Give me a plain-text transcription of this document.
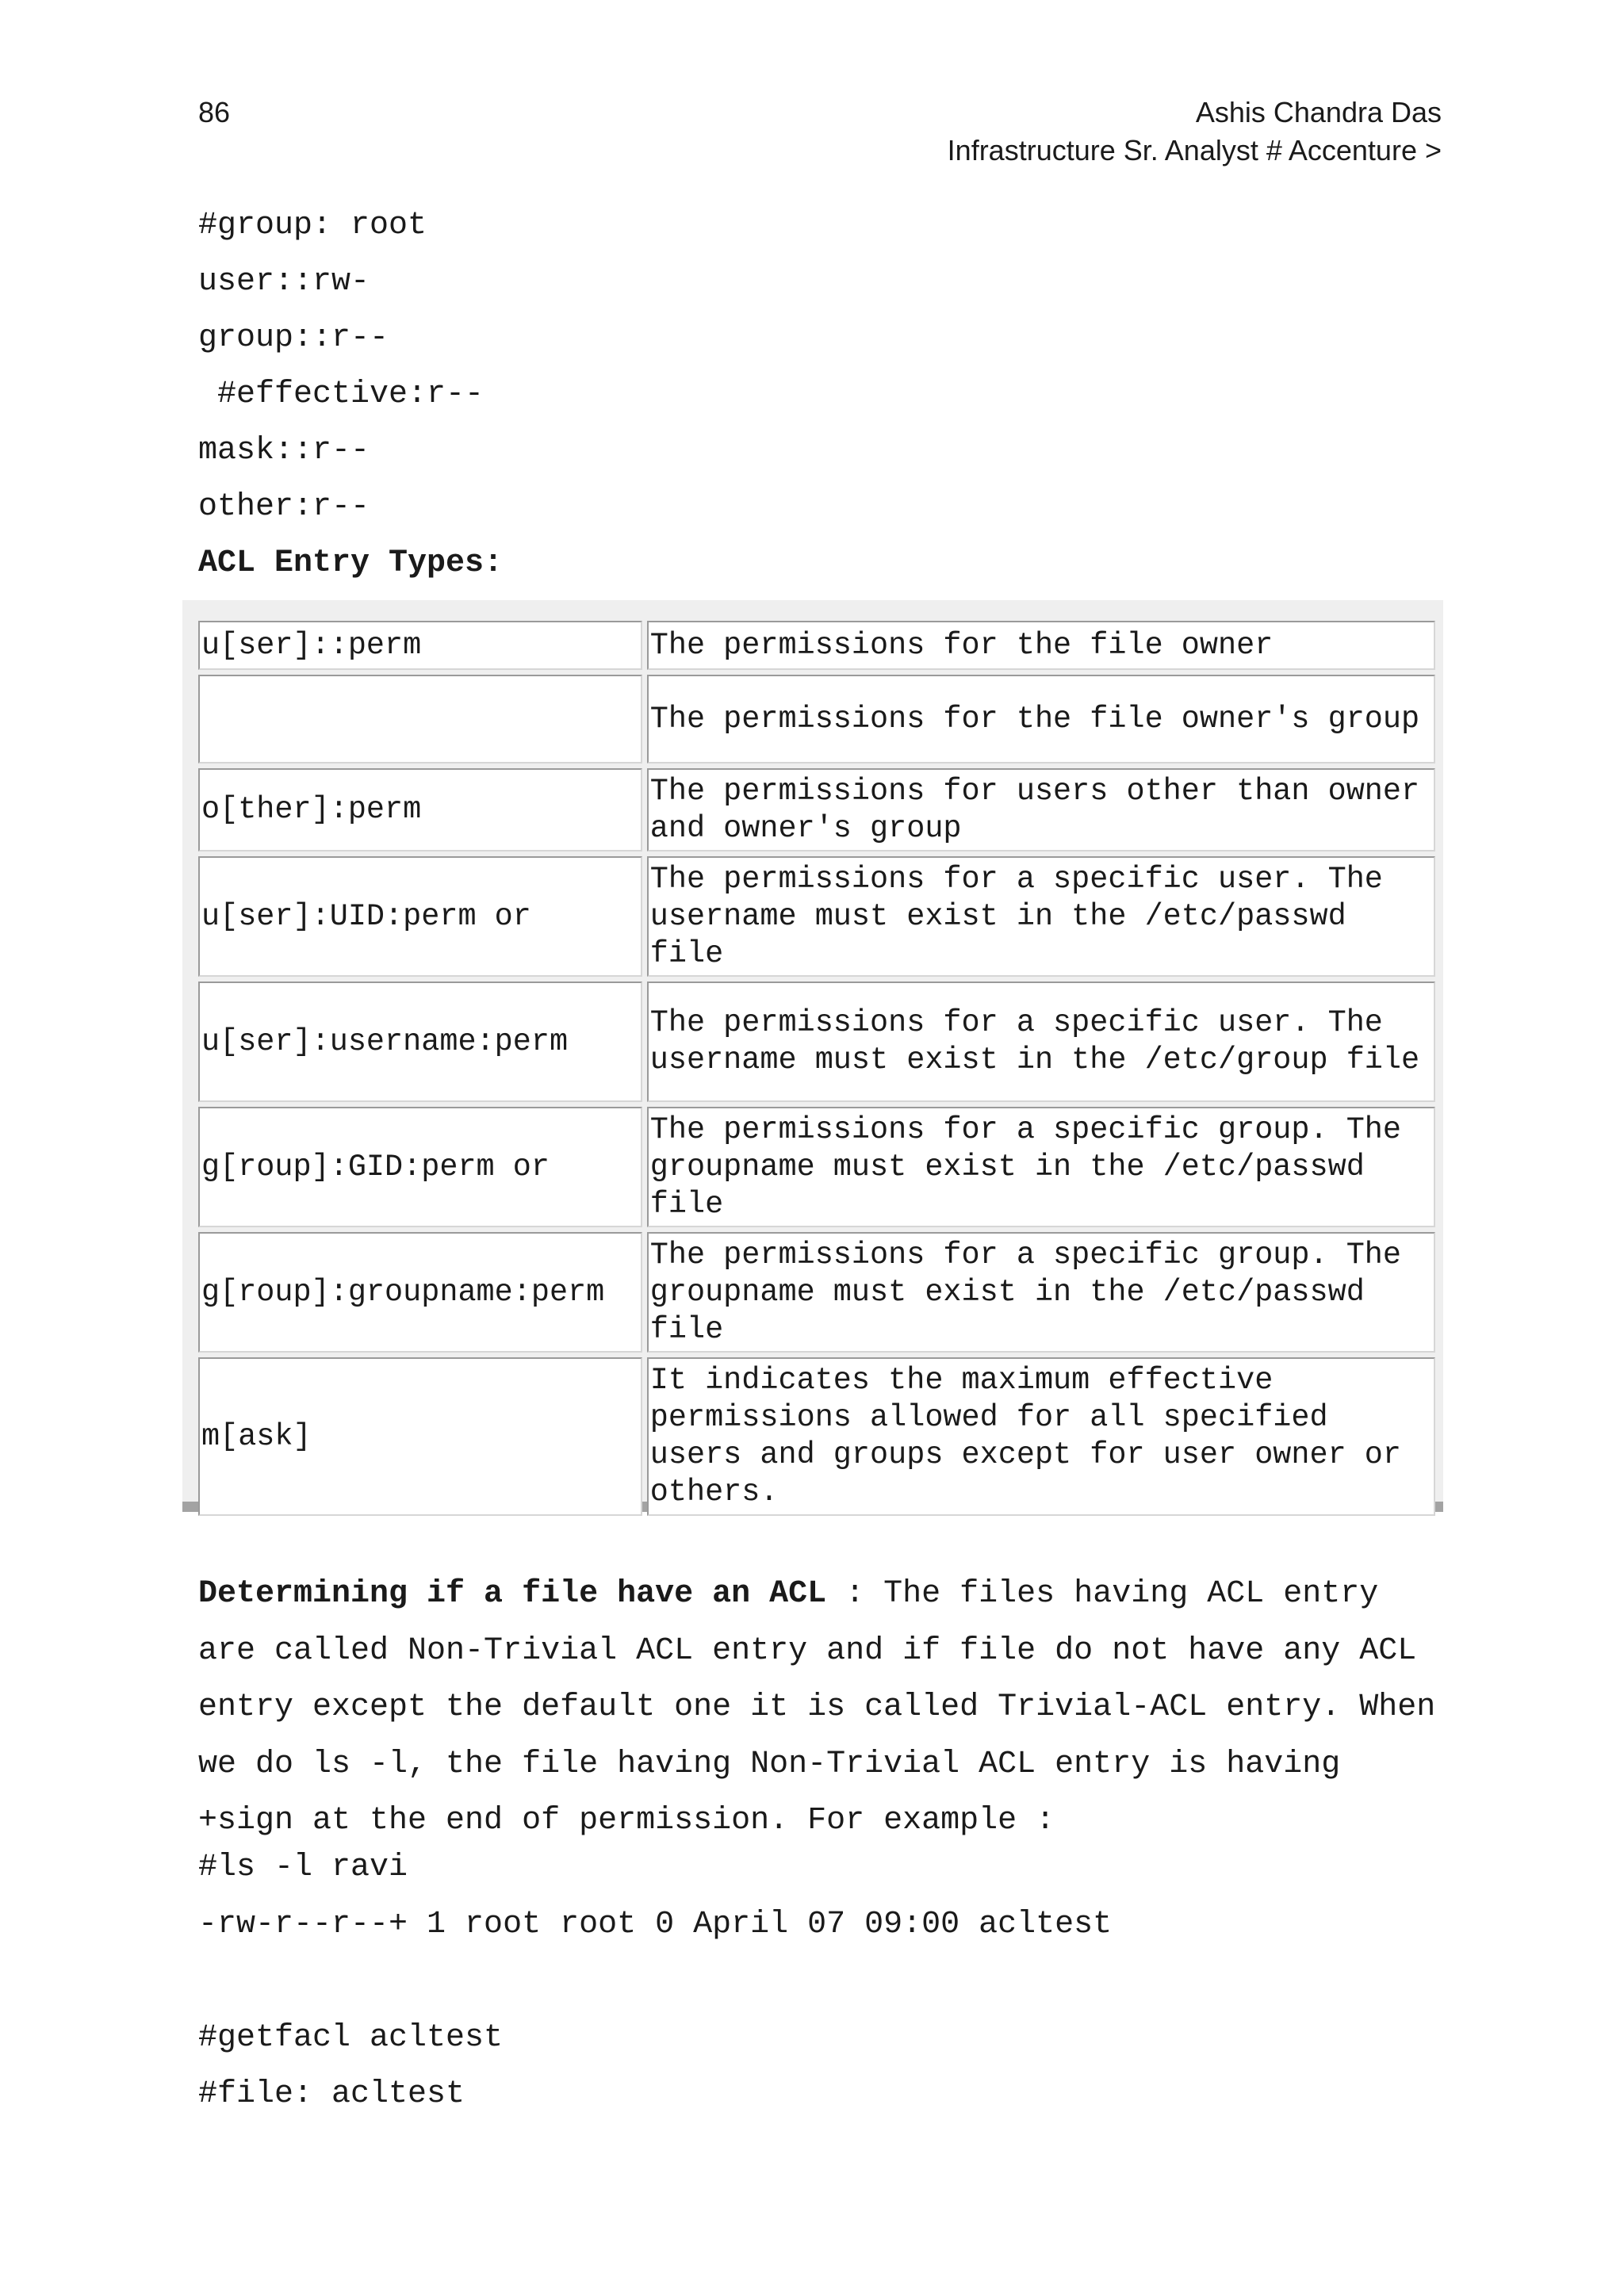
86	Ashis Chandra Das
Infrastructure Sr. Analyst # Accenture >
#group: root
user::rw-
group::r--
#effective:r--
mask::r--
other:r--
ACL Entry Types:
u[ser]::perm	The permissions for the file owner
	The permissions for the file owner's group
o[ther]:perm	The permissions for users other than owner and owner's group
u[ser]:UID:perm or	The permissions for a specific user. The username must exist in the /etc/passwd file
u[ser]:username:perm	The permissions for a specific user. The username must exist in the /etc/group file
g[roup]:GID:perm or	The permissions for a specific group. The groupname must exist in the /etc/passwd file
g[roup]:groupname:perm	The permissions for a specific group. The groupname must exist in the /etc/passwd file
m[ask]	It indicates the maximum effective permissions allowed for all specified users and groups except for user owner or others.
Determining if a file have an ACL : The files having ACL entry are called Non-Trivial ACL entry and if file do not have any ACL entry except the default one it is called Trivial-ACL entry. When we do ls -l, the file having Non-Trivial ACL entry is having +sign at the end of permission. For example :
#ls -l ravi
-rw-r--r--+ 1 root root 0 April 07 09:00 acltest
#getfacl acltest
#file: acltest
